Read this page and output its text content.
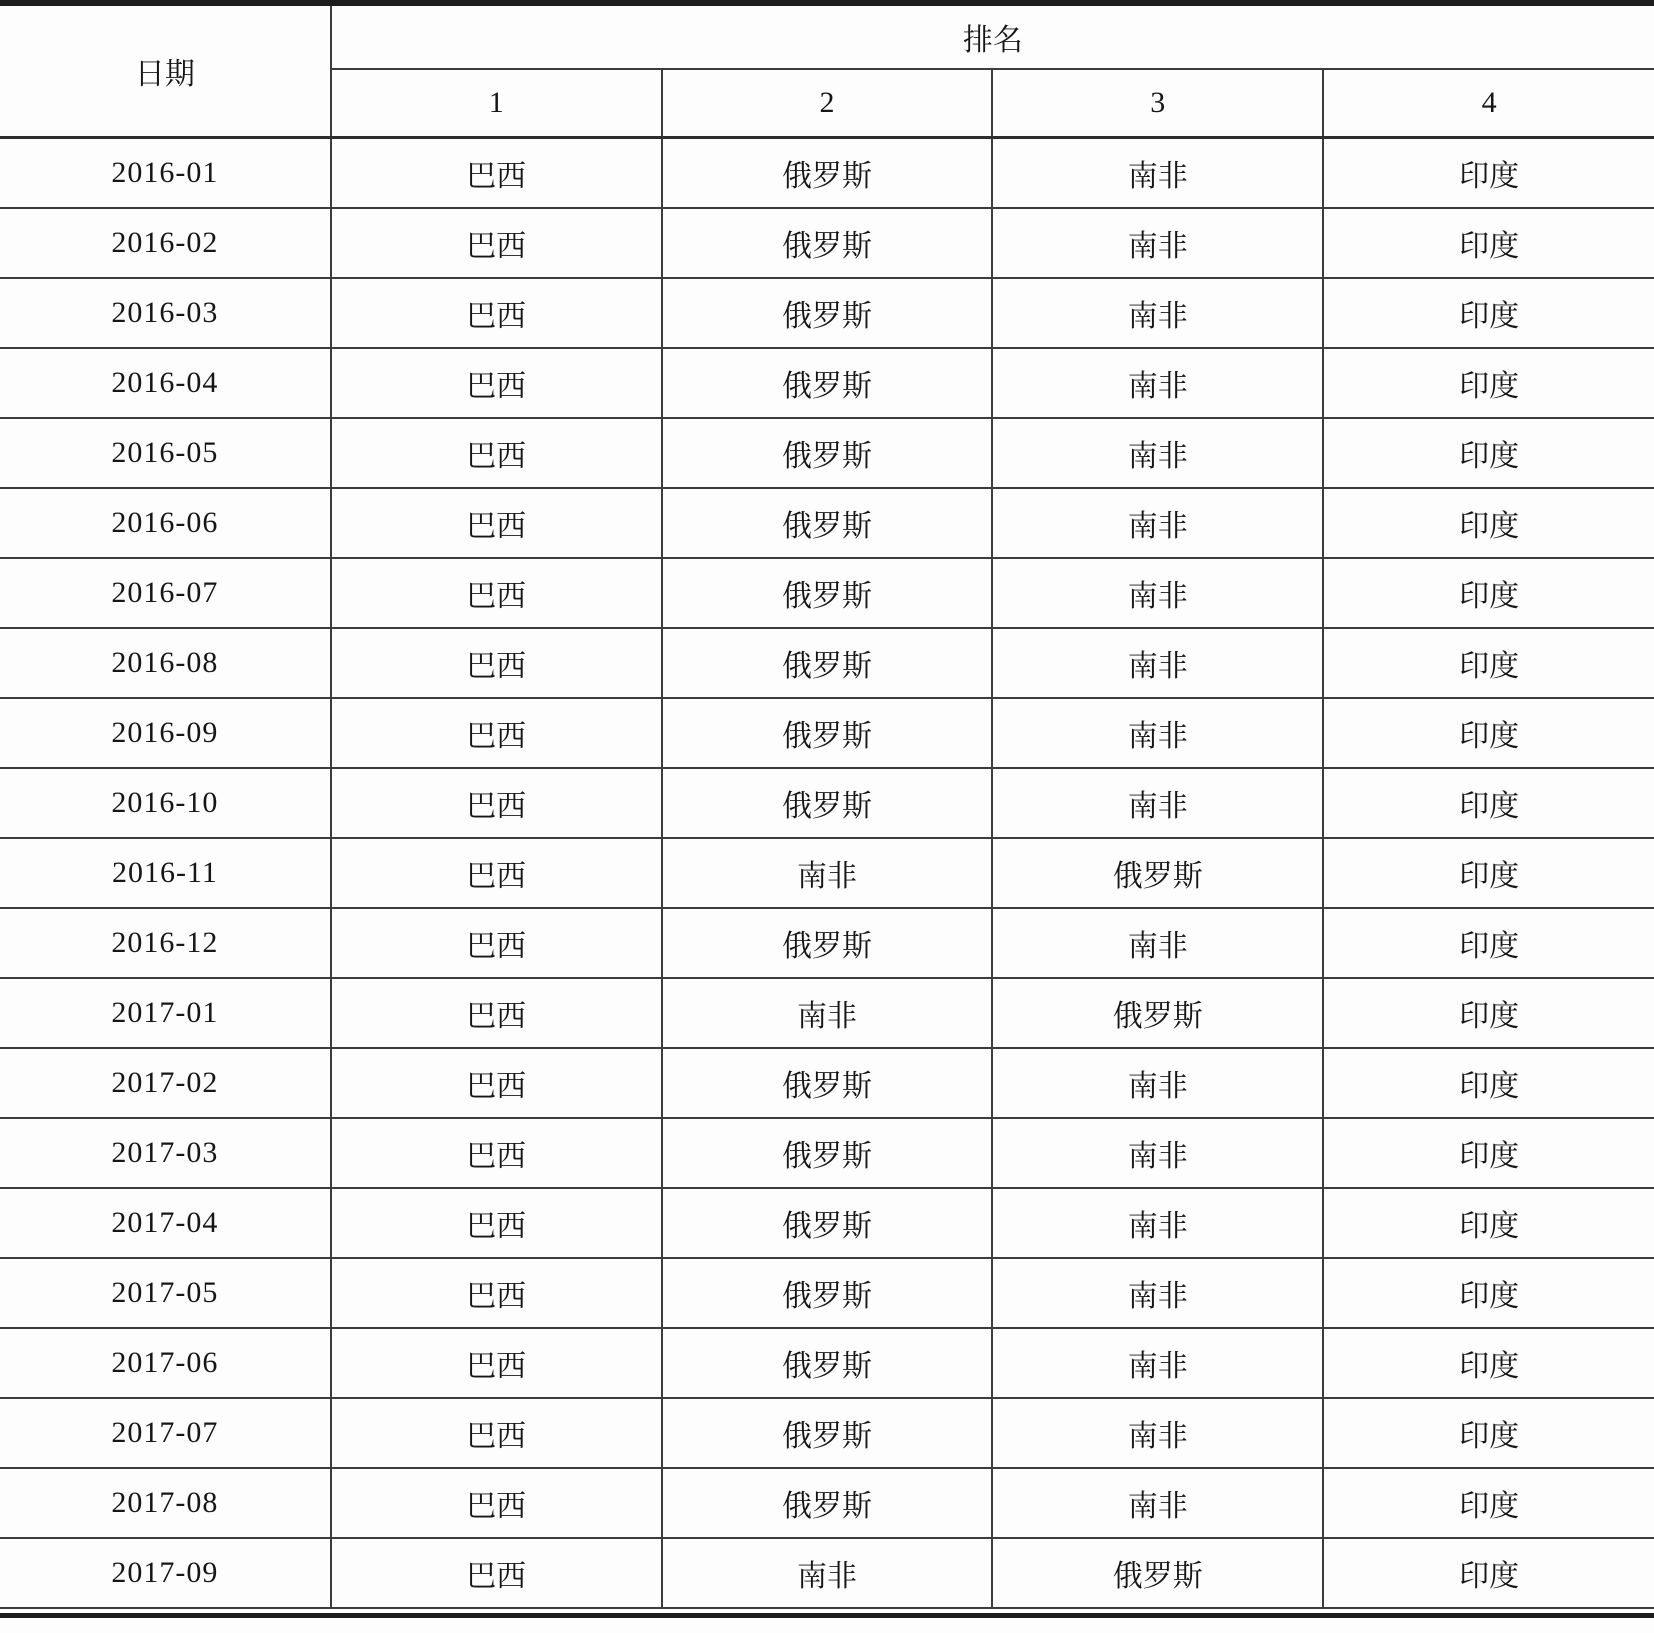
日期	排名			
	1	2	3	4
2016-01	巴西	俄罗斯	南非	印度
2016-02	巴西	俄罗斯	南非	印度
2016-03	巴西	俄罗斯	南非	印度
2016-04	巴西	俄罗斯	南非	印度
2016-05	巴西	俄罗斯	南非	印度
2016-06	巴西	俄罗斯	南非	印度
2016-07	巴西	俄罗斯	南非	印度
2016-08	巴西	俄罗斯	南非	印度
2016-09	巴西	俄罗斯	南非	印度
2016-10	巴西	俄罗斯	南非	印度
2016-11	巴西	南非	俄罗斯	印度
2016-12	巴西	俄罗斯	南非	印度
2017-01	巴西	南非	俄罗斯	印度
2017-02	巴西	俄罗斯	南非	印度
2017-03	巴西	俄罗斯	南非	印度
2017-04	巴西	俄罗斯	南非	印度
2017-05	巴西	俄罗斯	南非	印度
2017-06	巴西	俄罗斯	南非	印度
2017-07	巴西	俄罗斯	南非	印度
2017-08	巴西	俄罗斯	南非	印度
2017-09	巴西	南非	俄罗斯	印度
